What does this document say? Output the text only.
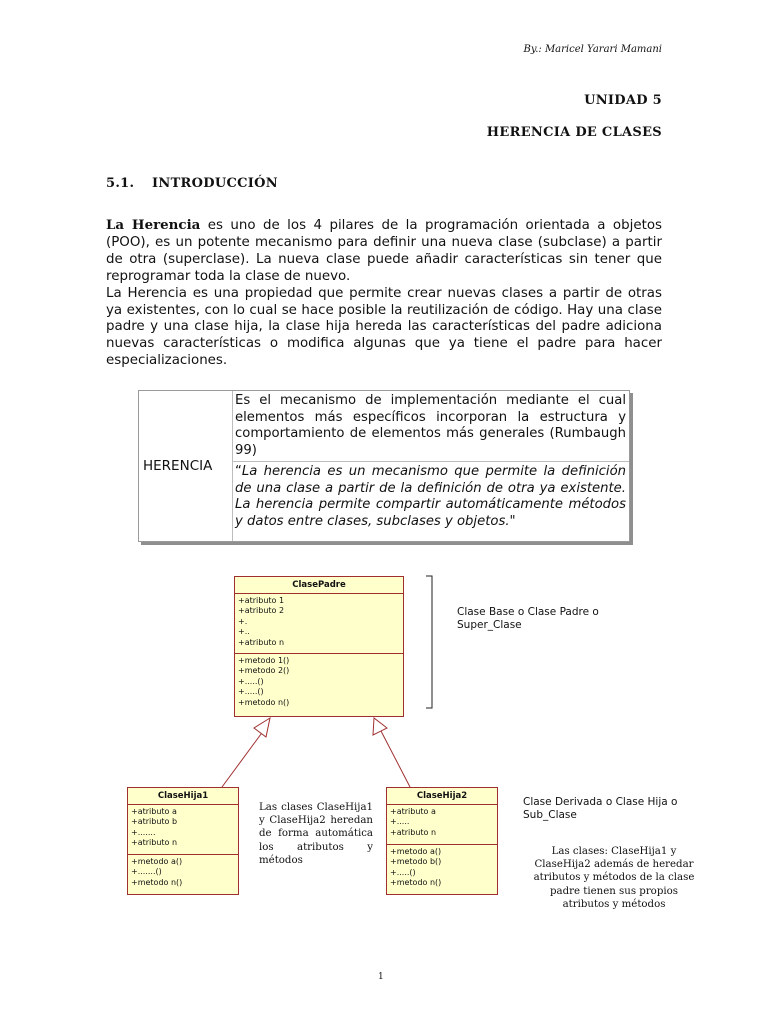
By.: Maricel Yarari Mamani
UNIDAD 5
HERENCIA DE CLASES
5.1. INTRODUCCIÓN

La Herencia es uno de los 4 pilares de la programación orientada a objetos (POO), es un potente mecanismo para definir una nueva clase (subclase) a partir de otra (superclase). La nueva clase puede añadir características sin tener que reprogramar toda la clase de nuevo.

La Herencia es una propiedad que permite crear nuevas clases a partir de otras ya existentes, con lo cual se hace posible la reutilización de código. Hay una clase padre y una clase hija, la clase hija hereda las características del padre adiciona nuevas características o modifica algunas que ya tiene el padre para hacer especializaciones.

HERENCIA	Es el mecanismo de implementación mediante el cual elementos más específicos incorporan la estructura y comportamiento de elementos más generales (Rumbaugh 99)
“La herencia es un mecanismo que permite la definición de una clase a partir de la definición de otra ya existente. La herencia permite compartir automáticamente métodos y datos entre clases, subclases y objetos."
ClasePadre
+atributo 1
+atributo 2
+.
+..
+atributo n
+metodo 1()
+metodo 2()
+.....()
+.....()
+metodo n()
ClaseHija1
+atributo a
+atributo b
+.......
+atributo n
+metodo a()
+.......()
+metodo n()
ClaseHija2
+atributo a
+.....
+atributo n
+metodo a()
+metodo b()
+.....()
+metodo n()
Clase Base o Clase Padre o Super_Clase
Clase Derivada o Clase Hija o Sub_Clase
Las clases ClaseHija1 y ClaseHija2 heredan de forma automática los atributos y métodos
Las clases: ClaseHija1 y ClaseHija2 además de heredar atributos y métodos de la clase padre tienen sus propios atributos y métodos
1
